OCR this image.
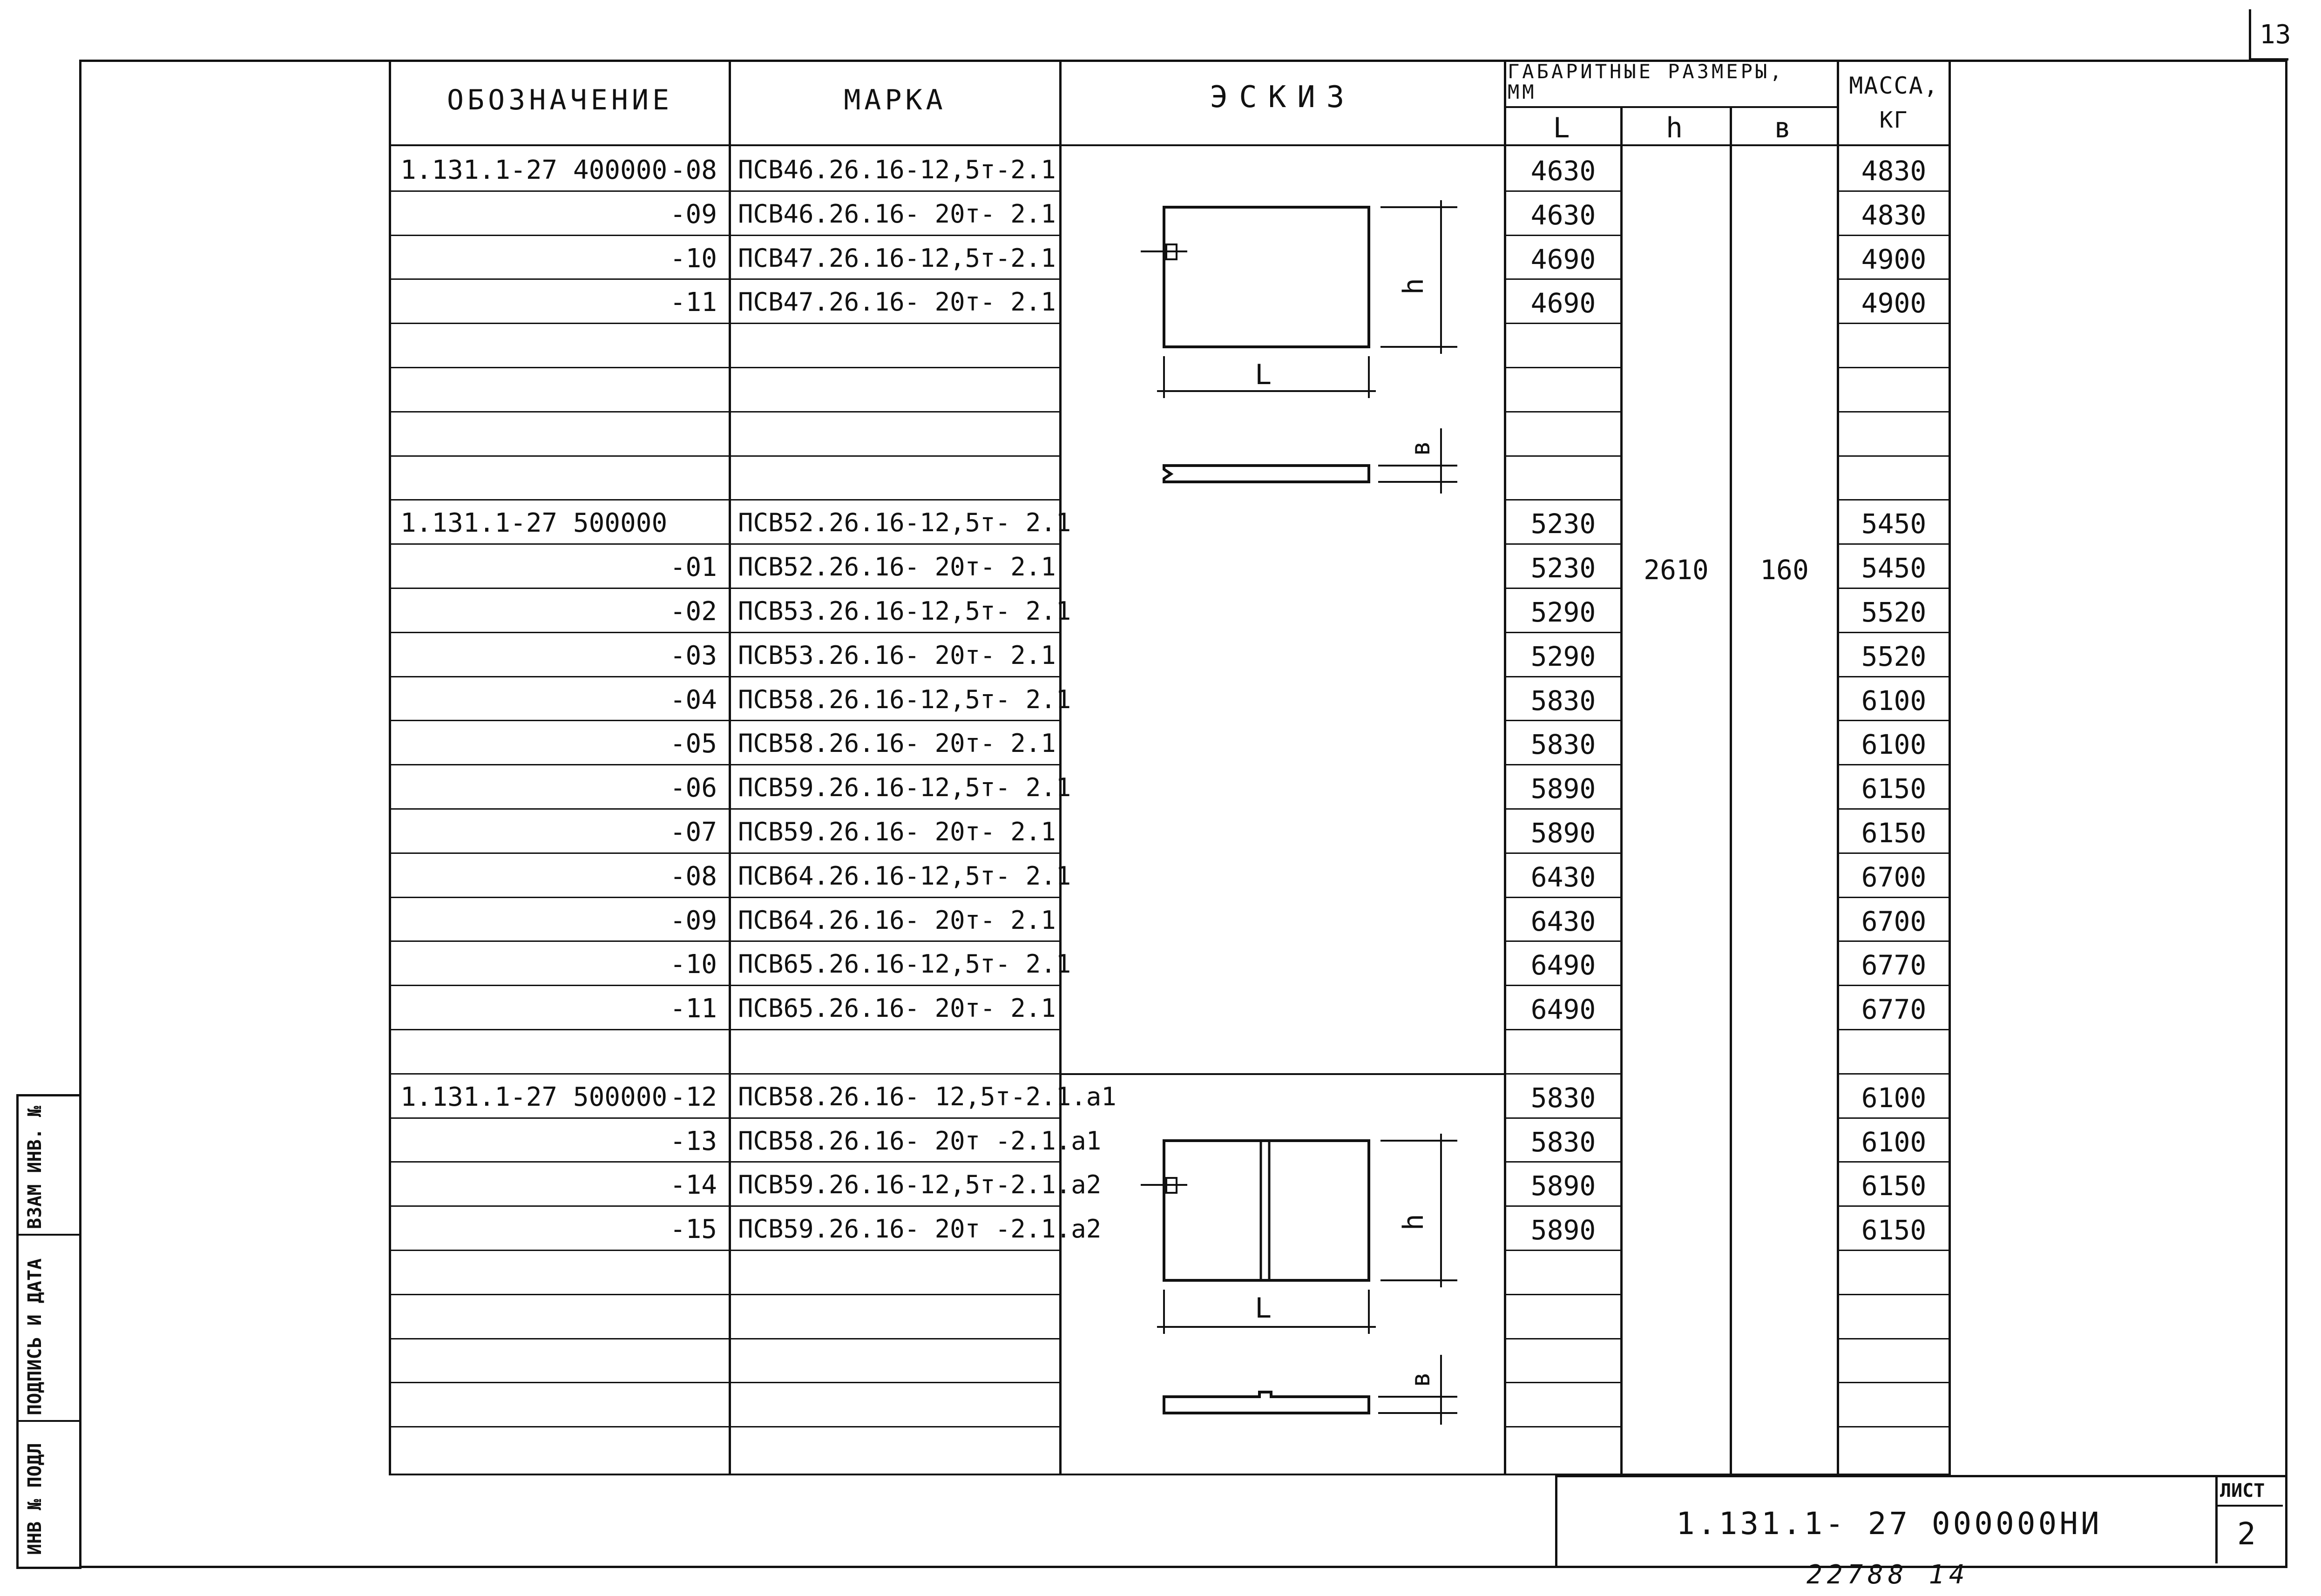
13
ИНВ № ПОДЛ
ПОДПИСЬ И ДАТА
ВЗАМ ИНВ. №
ОБОЗНАЧЕНИЕ	МАРКА	ЭСКИЗ
ГАБАРИТНЫЕ РАЗМЕРЫ, ММ
L	h	в
МАССА,
КГ
1.131.1-27 400000 -08 ПСВ46.26.16-12,5т-2.1	4630	4830
-09 ПСВ46.26.16- 20т- 2.1	4630	4830
-10 ПСВ47.26.16-12,5т-2.1	4690	4900
-11 ПСВ47.26.16- 20т- 2.1	4690	4900
1.131.1-27 500000	ПСВ52.26.16-12,5т- 2.1	5230	5450
-01 ПСВ52.26.16- 20т- 2.1	5230	5450
-02 ПСВ53.26.16-12,5т- 2.1	5290	5520
-03 ПСВ53.26.16- 20т- 2.1	5290	5520
-04 ПСВ58.26.16-12,5т- 2.1	5830	6100
-05 ПСВ58.26.16- 20т- 2.1	5830	6100
-06 ПСВ59.26.16-12,5т- 2.1	5890	6150
-07 ПСВ59.26.16- 20т- 2.1	5890	6150
-08 ПСВ64.26.16-12,5т- 2.1	6430	6700
-09 ПСВ64.26.16- 20т- 2.1	6430	6700
-10 ПСВ65.26.16-12,5т- 2.1	6490	6770
-11 ПСВ65.26.16- 20т- 2.1	6490	6770
1.131.1-27 500000 -12 ПСВ58.26.16- 12,5т-2.1.а1	5830	6100
-13 ПСВ58.26.16- 20т -2.1.а1	5830	6100
-14 ПСВ59.26.16-12,5т-2.1.а2	5890	6150
-15 ПСВ59.26.16- 20т -2.1.а2	5890	6150
2610	160
h
L
в
h
L
в
1.131.1- 27 000000НИ
ЛИСТ
2
22788 14
